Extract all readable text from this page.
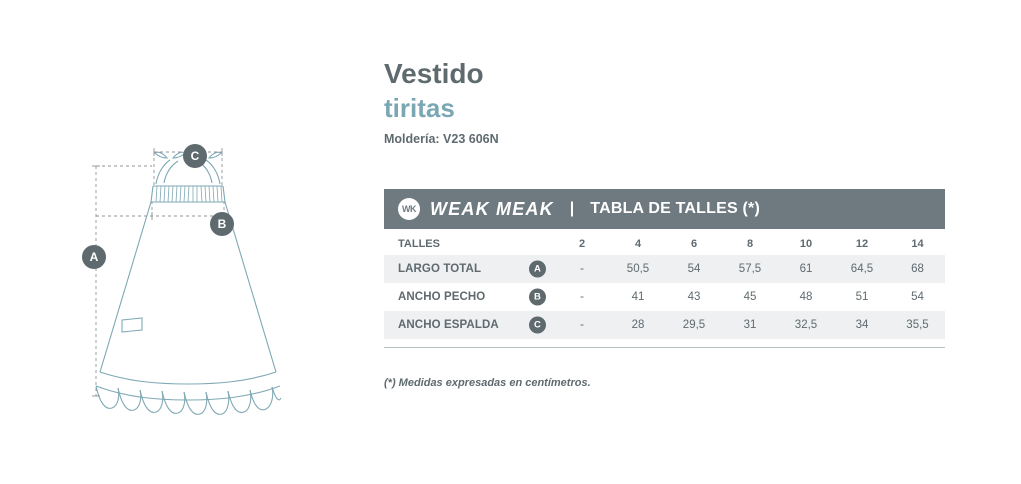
A
B
C
Vestido
tiritas
Moldería: V23 606N
WK WEAK MEAK | TABLA DE TALLES (*)							

TALLES	2	4	6	8	10	12	14
LARGO TOTAL A	-	50,5	54	57,5	61	64,5	68
ANCHO PECHO B	-	41	43	45	48	51	54
ANCHO ESPALDA C	-	28	29,5	31	32,5	34	35,5
(*) Medidas expresadas en centímetros.
